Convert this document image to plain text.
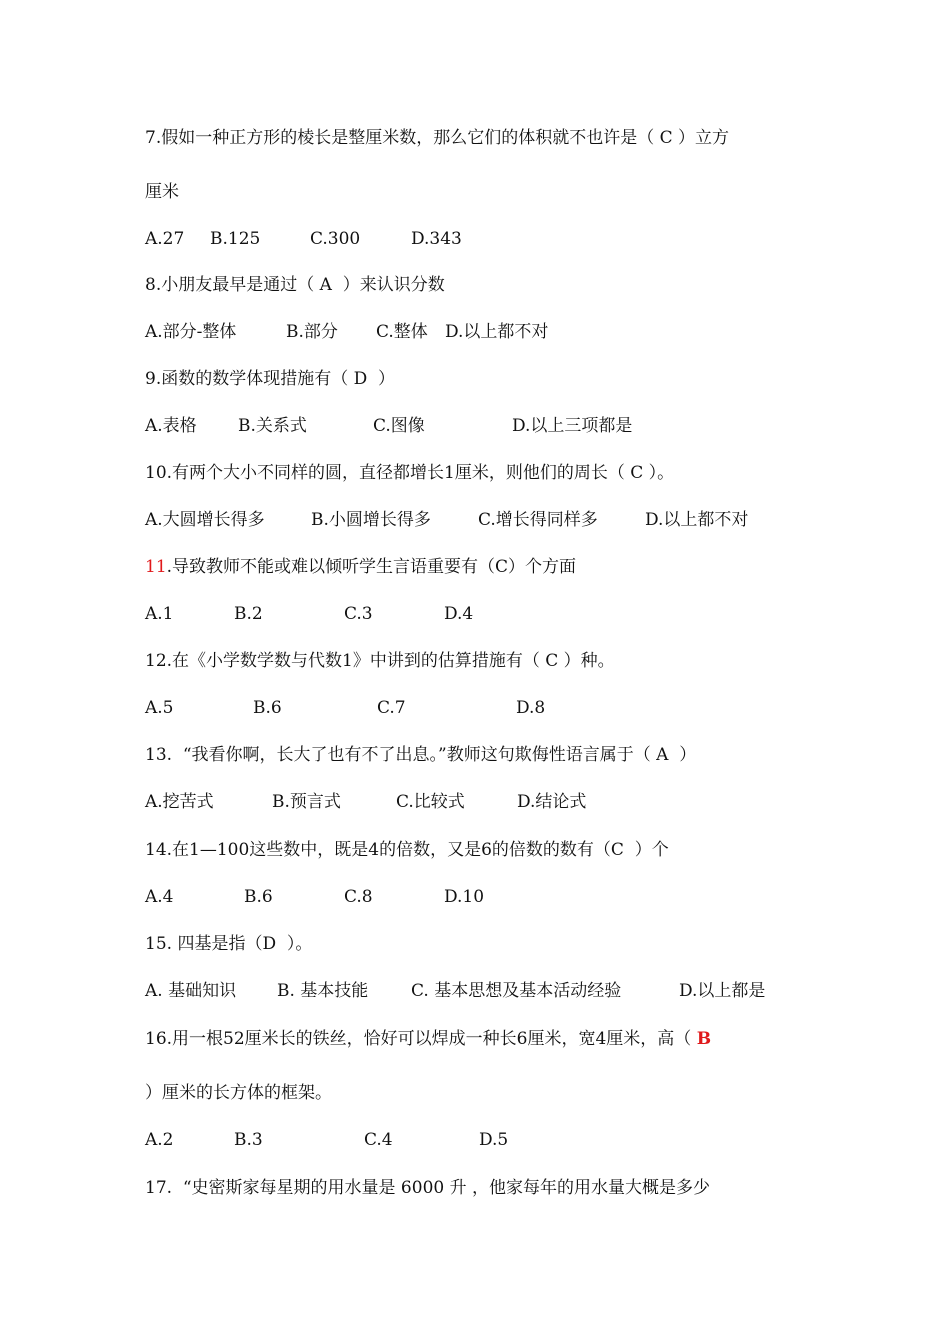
7.假如一种正方形的棱长是整厘米数，那么它们的体积就不也许是（ C ）立方
厘米

A.27

B.125

	C.300

	D.343

8.小朋友最早是通过（ A  ）来认识分数

A.部分-整体

	B.部分

C.整体

D.以上都不对

9.函数的数学体现措施有（ D  ）

A.表格

B.关系式

	C.图像

	D.以上三项都是

10.有两个大小不同样的圆，直径都增长1厘米，则他们的周长（ C ）。

A.大圆增长得多

	B.小圆增长得多

	C.增长得同样多

	D.以上都不对

11.导致教师不能或难以倾听学生言语重要有（C）个方面

A.1

	B.2

	C.3

	D.4

12.在《小学数学数与代数1》中讲到的估算措施有（ C ）种。

A.5

	B.6

	C.7

	D.8

13.  “我看你啊，长大了也有不了出息。”教师这句欺侮性语言属于（ A  ）

A.挖苦式

	B.预言式

	C.比较式

	D.结论式

14.在1—100这些数中，既是4的倍数，又是6的倍数的数有（C  ）个

A.4

	B.6

	C.8

	D.10

15. 四基是指（D  ）。

A. 基础知识

B. 基本技能

	C. 基本思想及基本活动经验

	D.以上都是

16.用一根52厘米长的铁丝，恰好可以焊成一种长6厘米，宽4厘米，高（ B
）厘米的长方体的框架。

A.2

	B.3

	C.4

	D.5

17.  “史密斯家每星期的用水量是 6000 升 ，他家每年的用水量大概是多少
